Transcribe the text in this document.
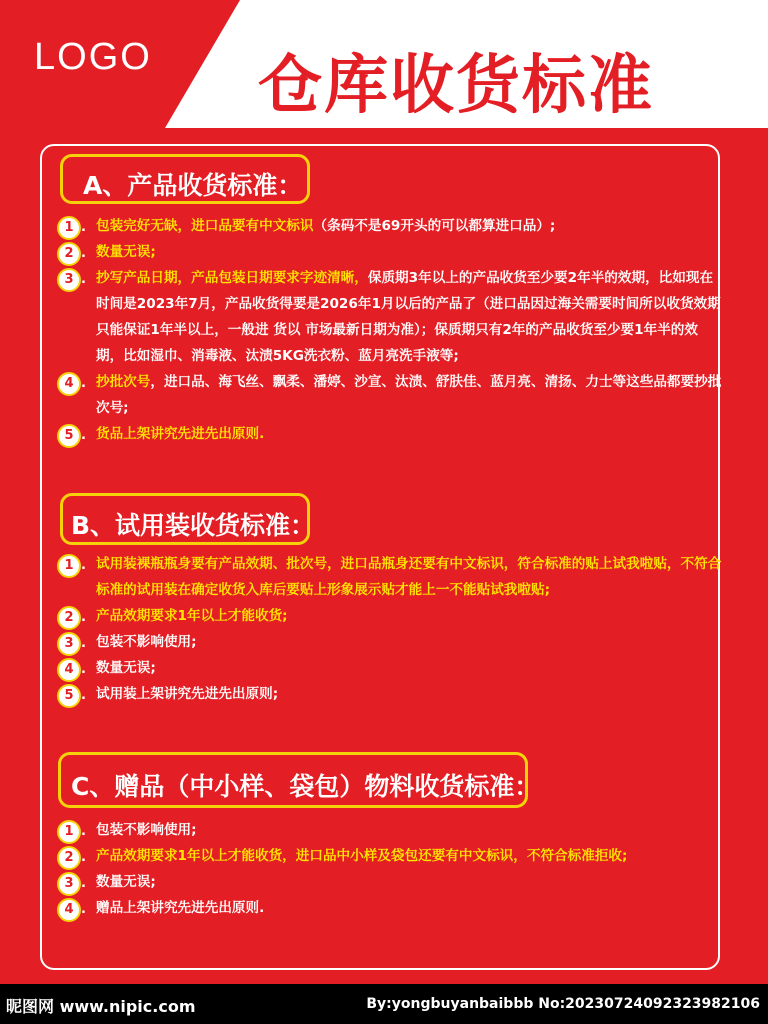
LOGO 仓库收货标准
A、产品收货标准：
1 .	包装完好无缺，进口品要有中文标识（条码不是69开头的可以都算进口品）;
2 .	数量无误;
3 .	抄写产品日期，产品包装日期要求字迹清晰，保质期3年以上的产品收货至少要2年半的效期，比如现在时间是2023年7月，产品收货得要是2026年1月以后的产品了（进口品因过海关需要时间所以收货效期只能保证1年半以上，一般进 货以 市场最新日期为准）；保质期只有2年的产品收货至少要1年半的效期，比如湿巾、消毒液、汰渍5KG洗衣粉、蓝月亮洗手液等;
4 .	抄批次号，进口品、海飞丝、飘柔、潘婷、沙宣、汰渍、舒肤佳、蓝月亮、清扬、力士等这些品都要抄批次号;
5 .	货品上架讲究先进先出原则.
B、试用装收货标准：
1 .	试用装裸瓶瓶身要有产品效期、批次号，进口品瓶身还要有中文标识，符合标准的贴上试我啦贴，不符合标准的试用装在确定收货入库后要贴上形象展示贴才能上一不能贴试我啦贴;
2 .	产品效期要求1年以上才能收货;
3 .	包装不影响使用;
4 .	数量无误;
5 .	试用装上架讲究先进先出原则;
C、赠品（中小样、袋包）物料收货标准：
1 .	包装不影响使用;
2 .	产品效期要求1年以上才能收货，进口品中小样及袋包还要有中文标识，不符合标准拒收;
3 .	数量无误;
4 .	赠品上架讲究先进先出原则.
昵图网 www.nipic.com	By:yongbuyanbaibbb No:20230724092323982106
